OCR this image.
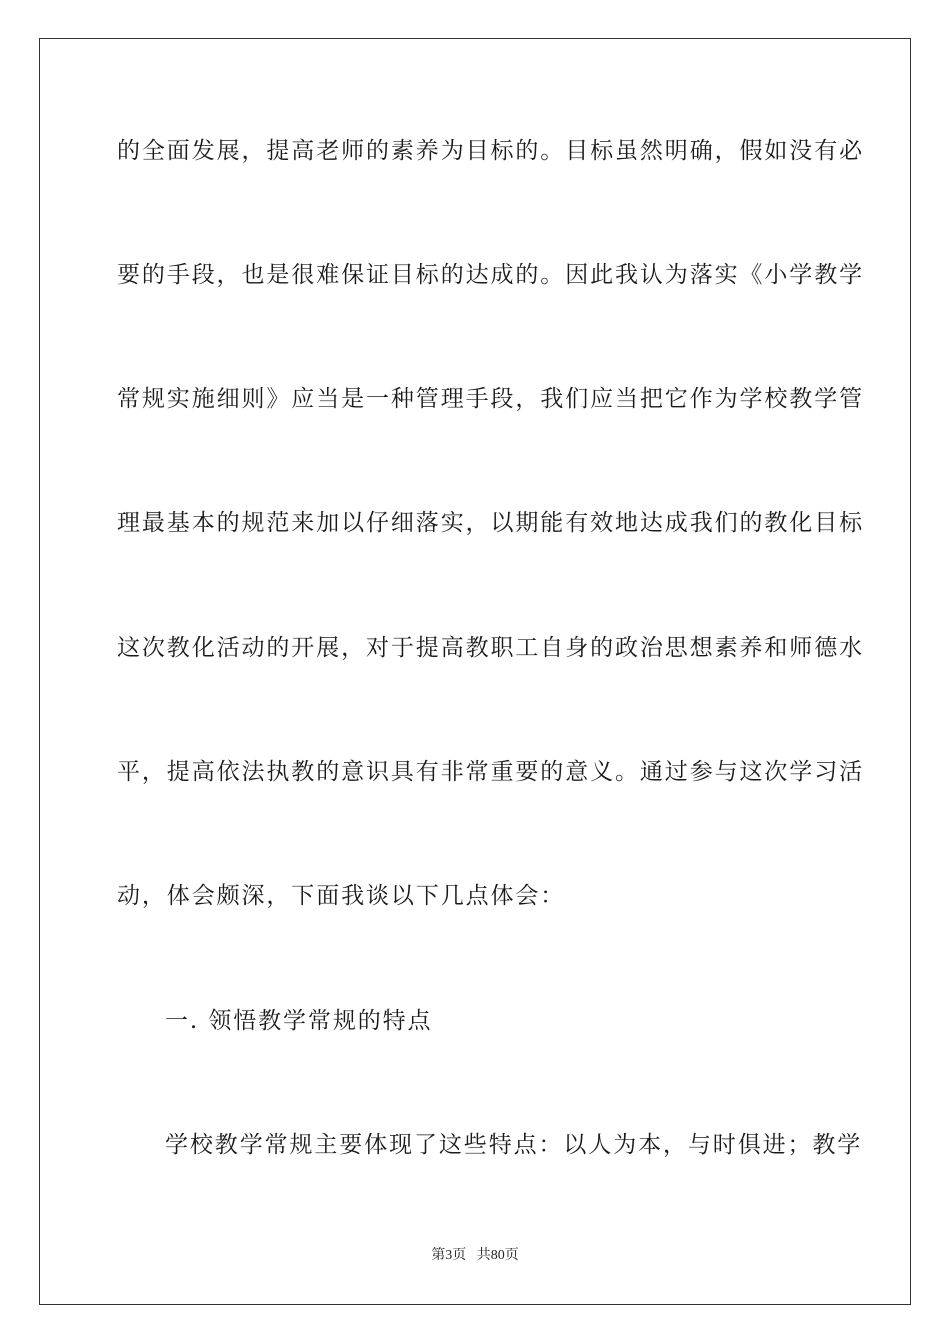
的全面发展，提高老师的素养为目标的。目标虽然明确，假如没有必
要的手段，也是很难保证目标的达成的。因此我认为落实《小学教学
常规实施细则》应当是一种管理手段，我们应当把它作为学校教学管
理最基本的规范来加以仔细落实，以期能有效地达成我们的教化目标
这次教化活动的开展，对于提高教职工自身的政治思想素养和师德水
平，提高依法执教的意识具有非常重要的意义。通过参与这次学习活
动，体会颇深，下面我谈以下几点体会：
一. 领悟教学常规的特点
学校教学常规主要体现了这些特点：以人为本，与时俱进；教学
第3页 共80页
